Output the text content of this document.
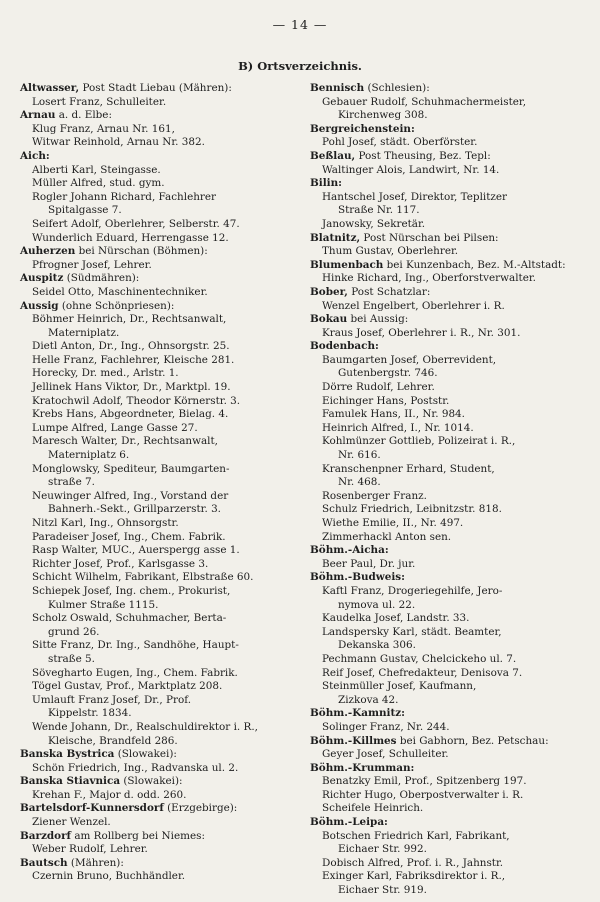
— 14 —
B) Ortsverzeichnis.
Altwasser, Post Stadt Liebau (Mähren):
Losert Franz, Schulleiter.
Arnau a. d. Elbe:
Klug Franz, Arnau Nr. 161,
Witwar Reinhold, Arnau Nr. 382.
Aich:
Alberti Karl, Steingasse.
Müller Alfred, stud. gym.
Rogler Johann Richard, Fachlehrer
Spitalgasse 7.
Seifert Adolf, Oberlehrer, Selberstr. 47.
Wunderlich Eduard, Herrengasse 12.
Auherzen bei Nürschan (Böhmen):
Pfrogner Josef, Lehrer.
Auspitz (Südmähren):
Seidel Otto, Maschinentechniker.
Aussig (ohne Schönpriesen):
Böhmer Heinrich, Dr., Rechtsanwalt,
Materniplatz.
Dietl Anton, Dr., Ing., Ohnsorgstr. 25.
Helle Franz, Fachlehrer, Kleische 281.
Horecky, Dr. med., Arlstr. 1.
Jellinek Hans Viktor, Dr., Marktpl. 19.
Kratochwil Adolf, Theodor Körnerstr. 3.
Krebs Hans, Abgeordneter, Bielag. 4.
Lumpe Alfred, Lange Gasse 27.
Maresch Walter, Dr., Rechtsanwalt,
Materniplatz 6.
Monglowsky, Spediteur, Baumgarten-
straße 7.
Neuwinger Alfred, Ing., Vorstand der
Bahnerh.-Sekt., Grillparzerstr. 3.
Nitzl Karl, Ing., Ohnsorgstr.
Paradeiser Josef, Ing., Chem. Fabrik.
Rasp Walter, MUC., Auerspergg asse 1.
Richter Josef, Prof., Karlsgasse 3.
Schicht Wilhelm, Fabrikant, Elbstraße 60.
Schiepek Josef, Ing. chem., Prokurist,
Kulmer Straße 1115.
Scholz Oswald, Schuhmacher, Berta-
grund 26.
Sitte Franz, Dr. Ing., Sandhöhe, Haupt-
straße 5.
Sövegharto Eugen, Ing., Chem. Fabrik.
Tögel Gustav, Prof., Marktplatz 208.
Umlauft Franz Josef, Dr., Prof.
Kippelstr. 1834.
Wende Johann, Dr., Realschuldirektor i. R.,
Kleische, Brandfeld 286.
Banska Bystrica (Slowakei):
Schön Friedrich, Ing., Radvanska ul. 2.
Banska Stiavnica (Slowakei):
Krehan F., Major d. odd. 260.
Bartelsdorf-Kunnersdorf (Erzgebirge):
Ziener Wenzel.
Barzdorf am Rollberg bei Niemes:
Weber Rudolf, Lehrer.
Bautsch (Mähren):
Czernin Bruno, Buchhändler.
Bennisch (Schlesien):
Gebauer Rudolf, Schuhmachermeister,
Kirchenweg 308.
Bergreichenstein:
Pohl Josef, städt. Oberförster.
Beßlau, Post Theusing, Bez. Tepl:
Waltinger Alois, Landwirt, Nr. 14.
Bilin:
Hantschel Josef, Direktor, Teplitzer
Straße Nr. 117.
Janowsky, Sekretär.
Blatnitz, Post Nürschan bei Pilsen:
Thum Gustav, Oberlehrer.
Blumenbach bei Kunzenbach, Bez. M.-Altstadt:
Hinke Richard, Ing., Oberforstverwalter.
Bober, Post Schatzlar:
Wenzel Engelbert, Oberlehrer i. R.
Bokau bei Aussig:
Kraus Josef, Oberlehrer i. R., Nr. 301.
Bodenbach:
Baumgarten Josef, Oberrevident,
Gutenbergstr. 746.
Dörre Rudolf, Lehrer.
Eichinger Hans, Poststr.
Famulek Hans, II., Nr. 984.
Heinrich Alfred, I., Nr. 1014.
Kohlmünzer Gottlieb, Polizeirat i. R.,
Nr. 616.
Kranschenpner Erhard, Student,
Nr. 468.
Rosenberger Franz.
Schulz Friedrich, Leibnitzstr. 818.
Wiethe Emilie, II., Nr. 497.
Zimmerhackl Anton sen.
Böhm.-Aicha:
Beer Paul, Dr. jur.
Böhm.-Budweis:
Kaftl Franz, Drogeriegehilfe, Jero-
nymova ul. 22.
Kaudelka Josef, Landstr. 33.
Landspersky Karl, städt. Beamter,
Dekanska 306.
Pechmann Gustav, Chelcickeho ul. 7.
Reif Josef, Chefredakteur, Denisova 7.
Steinmüller Josef, Kaufmann,
Zizkova 42.
Böhm.-Kamnitz:
Solinger Franz, Nr. 244.
Böhm.-Killmes bei Gabhorn, Bez. Petschau:
Geyer Josef, Schulleiter.
Böhm.-Krumman:
Benatzky Emil, Prof., Spitzenberg 197.
Richter Hugo, Oberpostverwalter i. R.
Scheifele Heinrich.
Böhm.-Leipa:
Botschen Friedrich Karl, Fabrikant,
Eichaer Str. 992.
Dobisch Alfred, Prof. i. R., Jahnstr.
Exinger Karl, Fabriksdirektor i. R.,
Eichaer Str. 919.
